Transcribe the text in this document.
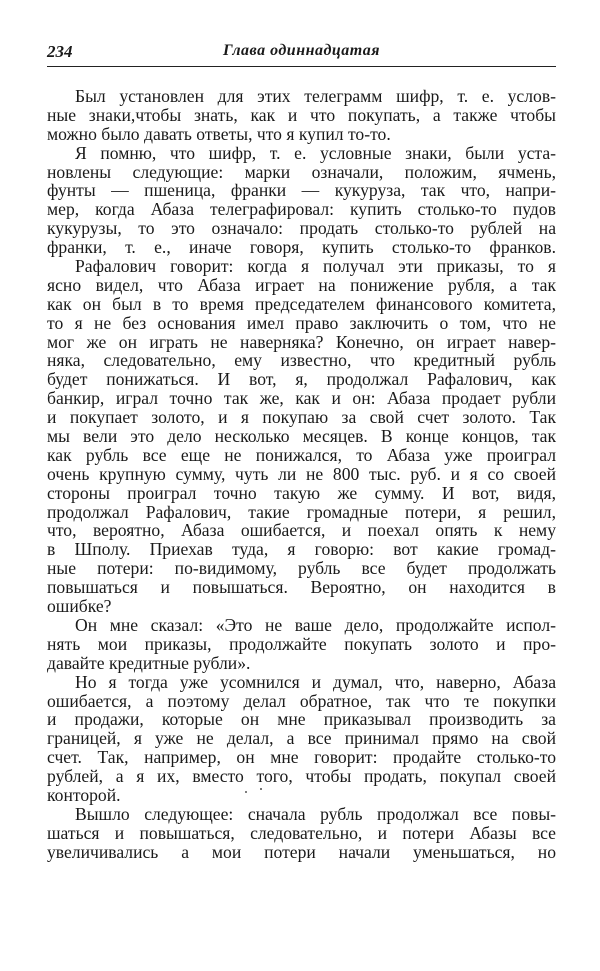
234	Глава одиннадцатая
Был установлен для этих телеграмм шифр, т. е. услов-
ные знаки,чтобы знать, как и что покупать, а также чтобы
можно было давать ответы, что я купил то-то.
Я помню, что шифр, т. е. условные знаки, были уста-
новлены следующие: марки означали, положим, ячмень,
фунты — пшеница, франки — кукуруза, так что, напри-
мер, когда Абаза телеграфировал: купить столько-то пудов
кукурузы, то это означало: продать столько-то рублей на
франки, т. е., иначе говоря, купить столько-то франков.
Рафалович говорит: когда я получал эти приказы, то я
ясно видел, что Абаза играет на понижение рубля, а так
как он был в то время председателем финансового комитета,
то я не без основания имел право заключить о том, что не
мог же он играть не наверняка? Конечно, он играет навер-
няка, следовательно, ему известно, что кредитный рубль
будет понижаться. И вот, я, продолжал Рафалович, как
банкир, играл точно так же, как и он: Абаза продает рубли
и покупает золото, и я покупаю за свой счет золото. Так
мы вели это дело несколько месяцев. В конце концов, так
как рубль все еще не понижался, то Абаза уже проиграл
очень крупную сумму, чуть ли не 800 тыс. руб. и я со своей
стороны проиграл точно такую же сумму. И вот, видя,
продолжал Рафалович, такие громадные потери, я решил,
что, вероятно, Абаза ошибается, и поехал опять к нему
в Шполу. Приехав туда, я говорю: вот какие громад-
ные потери: по-видимому, рубль все будет продолжать
повышаться и повышаться. Вероятно, он находится в
ошибке?
Он мне сказал: «Это не ваше дело, продолжайте испол-
нять мои приказы, продолжайте покупать золото и про-
давайте кредитные рубли».
Но я тогда уже усомнился и думал, что, наверно, Абаза
ошибается, а поэтому делал обратное, так что те покупки
и продажи, которые он мне приказывал производить за
границей, я уже не делал, а все принимал прямо на свой
счет. Так, например, он мне говорит: продайте столько-то
рублей, а я их, вместо того, чтобы продать, покупал своей
конторой.
Вышло следующее: сначала рубль продолжал все повы-
шаться и повышаться, следовательно, и потери Абазы все
увеличивались а мои потери начали уменьшаться, но
